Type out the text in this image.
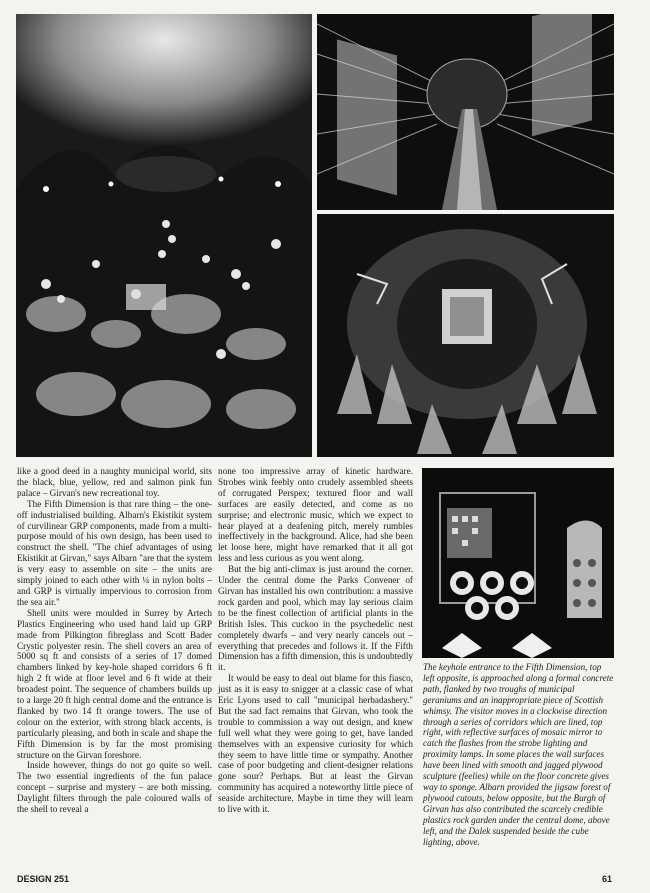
like a good deed in a naughty municipal world, sits the black, blue, yellow, red and salmon pink fun palace – Girvan's new recreational toy.

The Fifth Dimension is that rare thing – the one-off industrialised building. Albarn's Ekistikit system of curvilinear GRP components, made from a multi-purpose mould of his own design, has been used to construct the shell. "The chief advantages of using Ekistikit at Girvan," says Albarn "are that the system is very easy to assemble on site – the units are simply joined to each other with ¼ in nylon bolts – and GRP is virtually impervious to corrosion from the sea air."

Shell units were moulded in Surrey by Artech Plastics Engineering who used hand laid up GRP made from Pilkington fibreglass and Scott Bader Crystic polyester resin. The shell covers an area of 5000 sq ft and consists of a series of 17 domed chambers linked by key-hole shaped corridors 6 ft high 2 ft wide at floor level and 6 ft wide at their broadest point. The sequence of chambers builds up to a large 20 ft high central dome and the entrance is flanked by two 14 ft orange towers. The use of colour on the exterior, with strong black accents, is particularly pleasing, and both in scale and shape the Fifth Dimension is by far the most promising structure on the Girvan foreshore.

Inside however, things do not go quite so well. The two essential ingredients of the fun palace concept – surprise and mystery – are both missing. Daylight filters through the pale coloured walls of the shell to reveal a

none too impressive array of kinetic hardware. Strobes wink feebly onto crudely assembled sheets of corrugated Perspex; textured floor and wall surfaces are easily detected, and come as no surprise; and electronic music, which we expect to hear played at a deafening pitch, merely rumbles ineffectively in the background. Alice, had she been let loose here, might have remarked that it all got less and less curious as you went along.

But the big anti-climax is just around the corner. Under the central dome the Parks Convener of Girvan has installed his own contribution: a massive rock garden and pool, which may lay serious claim to be the finest collection of artificial plants in the British Isles. This cuckoo in the psychedelic nest completely dwarfs – and very nearly cancels out – everything that precedes and follows it. If the Fifth Dimension has a fifth dimension, this is undoubtedly it.

It would be easy to deal out blame for this fiasco, just as it is easy to snigger at a classic case of what Eric Lyons used to call "municipal herbadashery." But the sad fact remains that Girvan, who took the trouble to commission a way out design, and knew full well what they were going to get, have landed themselves with an expensive curiosity for which they seem to have little time or sympathy. Another case of poor budgeting and client-designer relations gone sour? Perhaps. But at least the Girvan community has acquired a noteworthy little piece of seaside architecture. Maybe in time they will learn to live with it.

The keyhole entrance to the Fifth Dimension, top left opposite, is approached along a formal concrete path, flanked by two troughs of municipal geraniums and an inappropriate piece of Scottish whimsy. The visitor moves in a clockwise direction through a series of corridors which are lined, top right, with reflective surfaces of mosaic mirror to catch the flashes from the strobe lighting and proximity lamps. In some places the wall surfaces have been lined with smooth and jagged plywood sculpture (feelies) while on the floor concrete gives way to sponge. Albarn provided the jigsaw forest of plywood cutouts, below opposite, but the Burgh of Girvan has also contributed the scarcely credible plastics rock garden under the central dome, above left, and the Dalek suspended beside the cube lighting, above.
DESIGN 251	61
